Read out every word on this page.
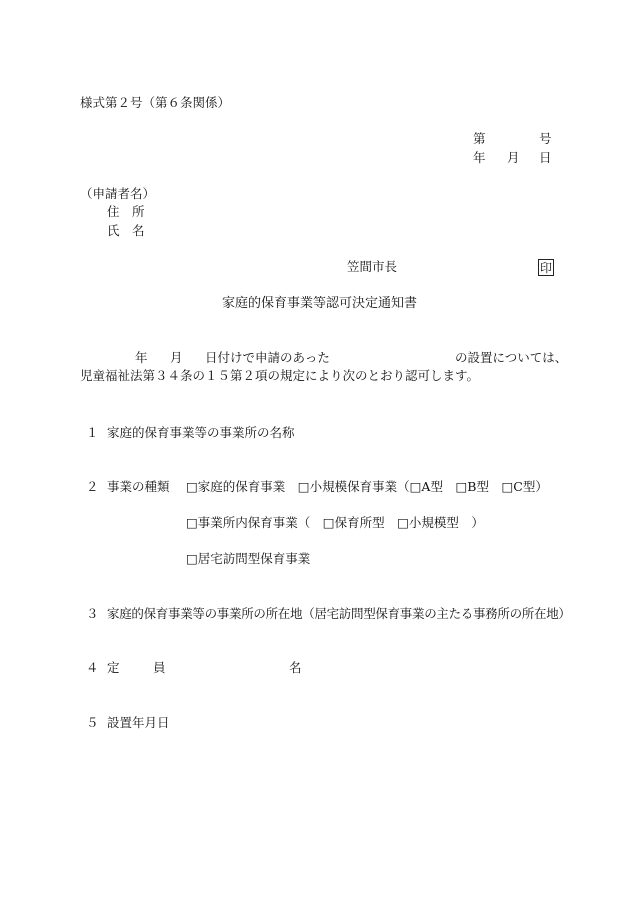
様式第２号（第６条関係）
第	号
年 月 日
（申請者名）
住　所
氏　名
笠間市長	印
家庭的保育事業等認可決定通知書
年 月 日付けで申請のあった	の設置については、
児童福祉法第３４条の１５第２項の規定により次のとおり認可します。
１ 家庭的保育事業等の事業所の名称
２ 事業の種類 □家庭的保育事業　□小規模保育事業（□A型　□B型　□C型）
□事業所内保育事業（　□保育所型　□小規模型　）
□居宅訪問型保育事業
３ 家庭的保育事業等の事業所の所在地（居宅訪問型保育事業の主たる事務所の所在地）
４ 定	員	名
５ 設置年月日
